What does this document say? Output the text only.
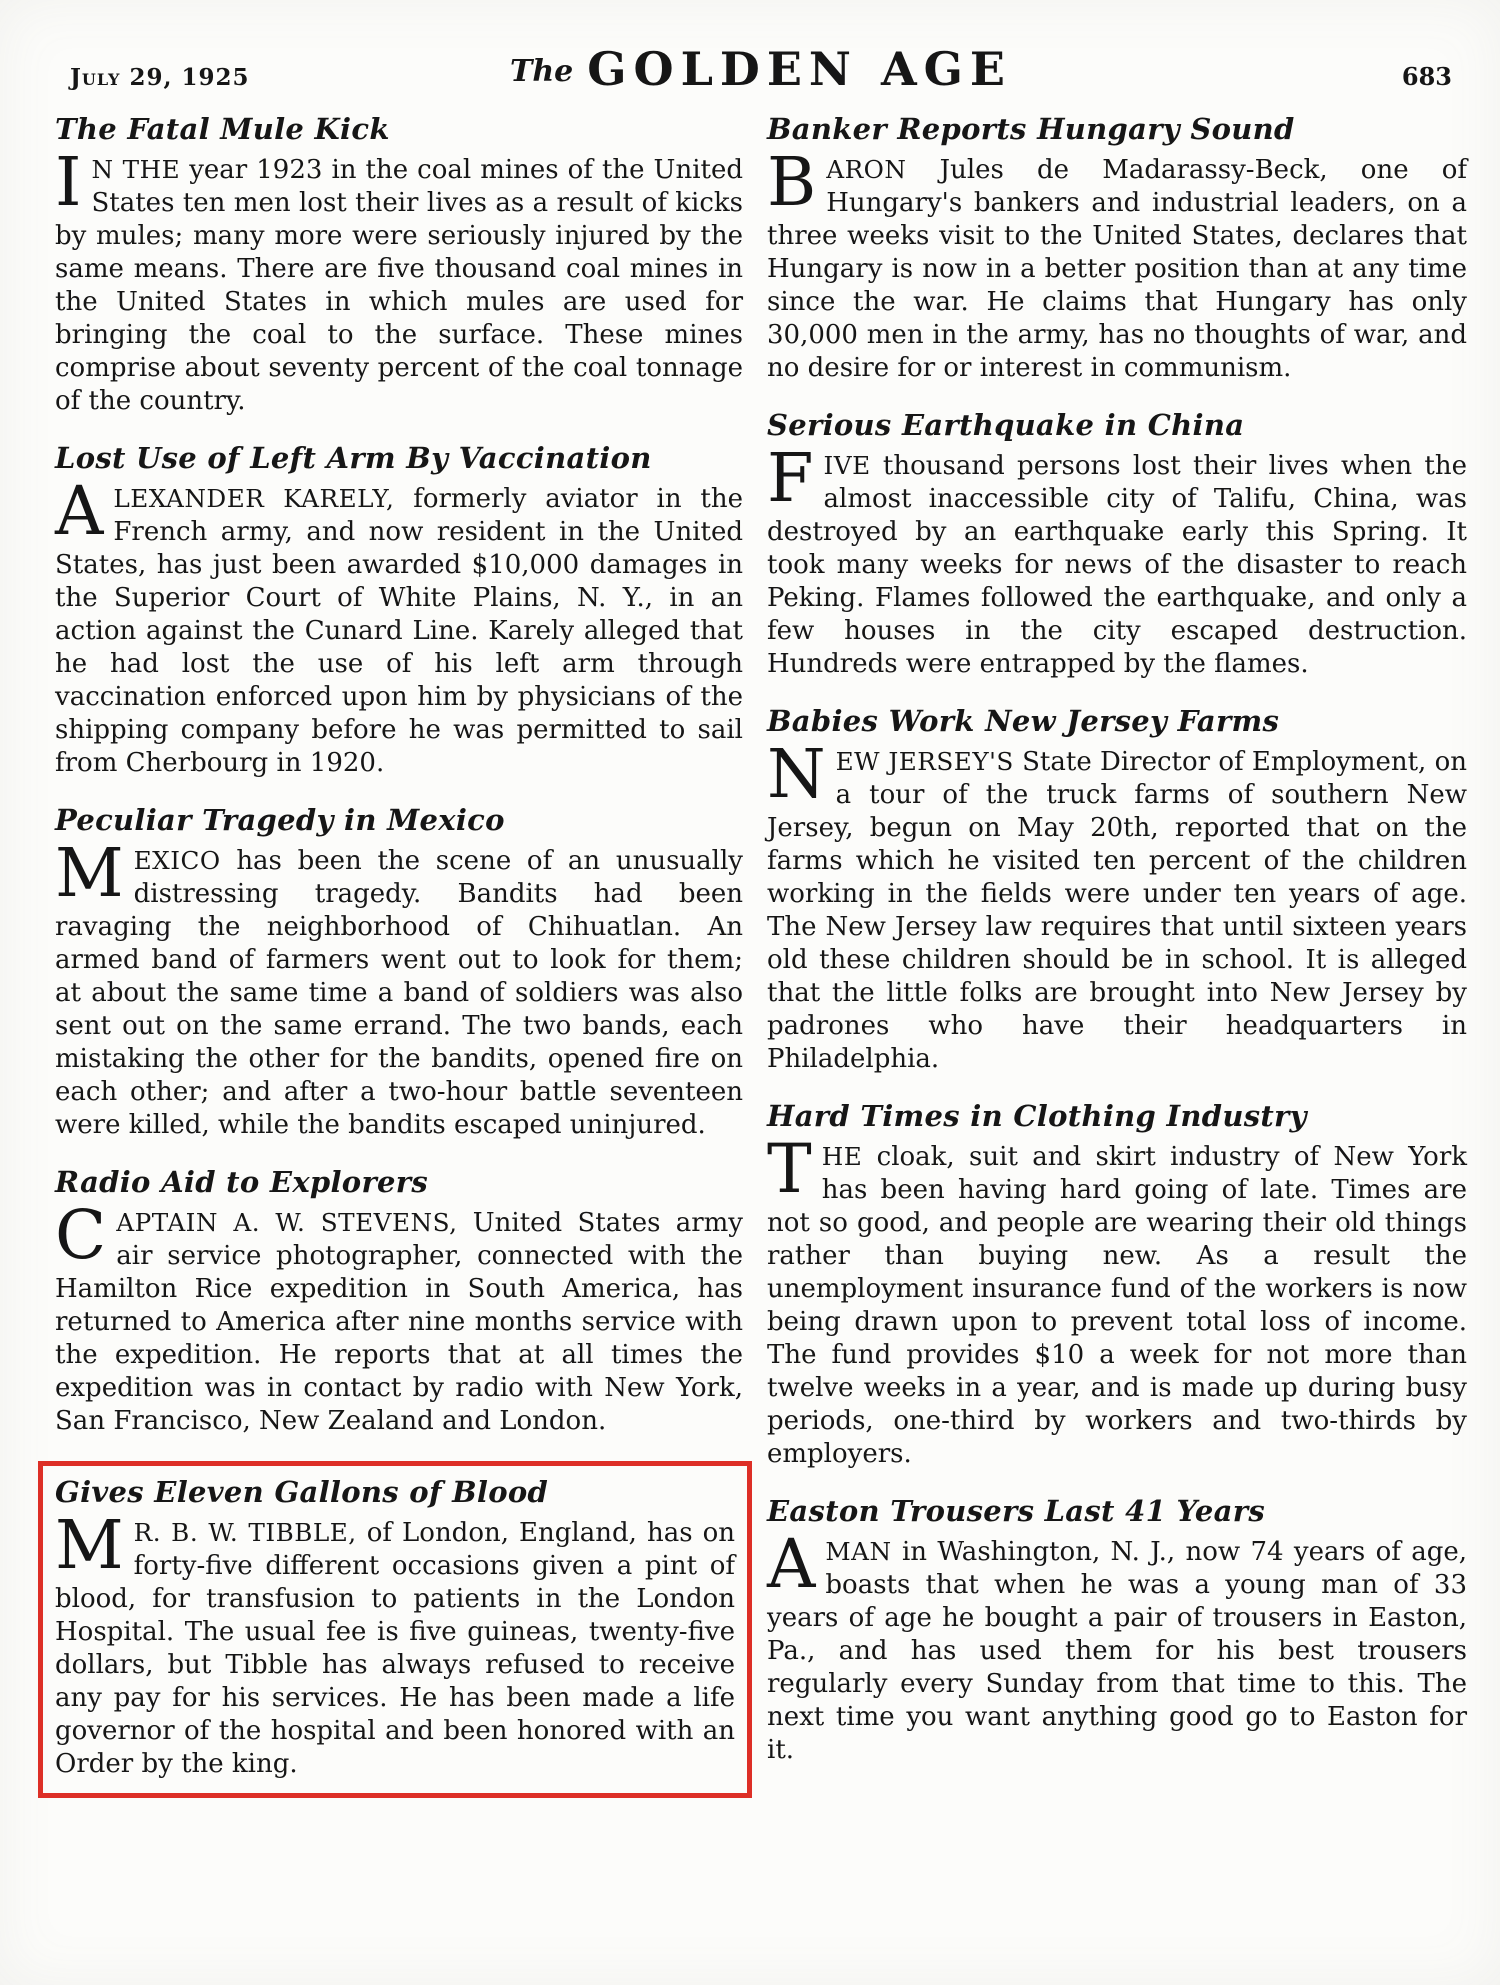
July 29, 1925	The GOLDEN AGE	683
The Fatal Mule Kick

I N THE year 1923 in the coal mines of the United States ten men lost their lives as a result of kicks by mules; many more were seriously injured by the same means. There are five thousand coal mines in the United States in which mules are used for bringing the coal to the surface. These mines comprise about seventy percent of the coal tonnage of the country.

Lost Use of Left Arm By Vaccination

ALEXANDER KARELY, formerly aviator in the French army, and now resident in the United States, has just been awarded $10,000 damages in the Superior Court of White Plains, N. Y., in an action against the Cunard Line. Karely alleged that he had lost the use of his left arm through vaccination enforced upon him by physicians of the shipping company before he was permitted to sail from Cherbourg in 1920.

Peculiar Tragedy in Mexico

MEXICO has been the scene of an unusually distressing tragedy. Bandits had been ravaging the neighborhood of Chihuatlan. An armed band of farmers went out to look for them; at about the same time a band of soldiers was also sent out on the same errand. The two bands, each mistaking the other for the bandits, opened fire on each other; and after a two-hour battle seventeen were killed, while the bandits escaped uninjured.

Radio Aid to Explorers

CAPTAIN A. W. STEVENS, United States army air service photographer, connected with the Hamilton Rice expedition in South America, has returned to America after nine months service with the expedition. He reports that at all times the expedition was in contact by radio with New York, San Francisco, New Zealand and London.

Gives Eleven Gallons of Blood

M R. B. W. TIBBLE, of London, England, has on forty-five different occasions given a pint of blood, for transfusion to patients in the London Hospital. The usual fee is five guineas, twenty-five dollars, but Tibble has always refused to receive any pay for his services. He has been made a life governor of the hospital and been honored with an Order by the king.

Banker Reports Hungary Sound

BARON Jules de Madarassy-Beck, one of Hungary's bankers and industrial leaders, on a three weeks visit to the United States, declares that Hungary is now in a better position than at any time since the war. He claims that Hungary has only 30,000 men in the army, has no thoughts of war, and no desire for or interest in communism.

Serious Earthquake in China

FIVE thousand persons lost their lives when the almost inaccessible city of Talifu, China, was destroyed by an earthquake early this Spring. It took many weeks for news of the disaster to reach Peking. Flames followed the earthquake, and only a few houses in the city escaped destruction. Hundreds were entrapped by the flames.

Babies Work New Jersey Farms

NEW JERSEY'S State Director of Employment, on a tour of the truck farms of southern New Jersey, begun on May 20th, reported that on the farms which he visited ten percent of the children working in the fields were under ten years of age. The New Jersey law requires that until sixteen years old these children should be in school. It is alleged that the little folks are brought into New Jersey by padrones who have their headquarters in Philadelphia.

Hard Times in Clothing Industry

THE cloak, suit and skirt industry of New York has been having hard going of late. Times are not so good, and people are wearing their old things rather than buying new. As a result the unemployment insurance fund of the workers is now being drawn upon to prevent total loss of income. The fund provides $10 a week for not more than twelve weeks in a year, and is made up during busy periods, one-third by workers and two-thirds by employers.

Easton Trousers Last 41 Years

AMAN in Washington, N. J., now 74 years of age, boasts that when he was a young man of 33 years of age he bought a pair of trousers in Easton, Pa., and has used them for his best trousers regularly every Sunday from that time to this. The next time you want anything good go to Easton for it.
